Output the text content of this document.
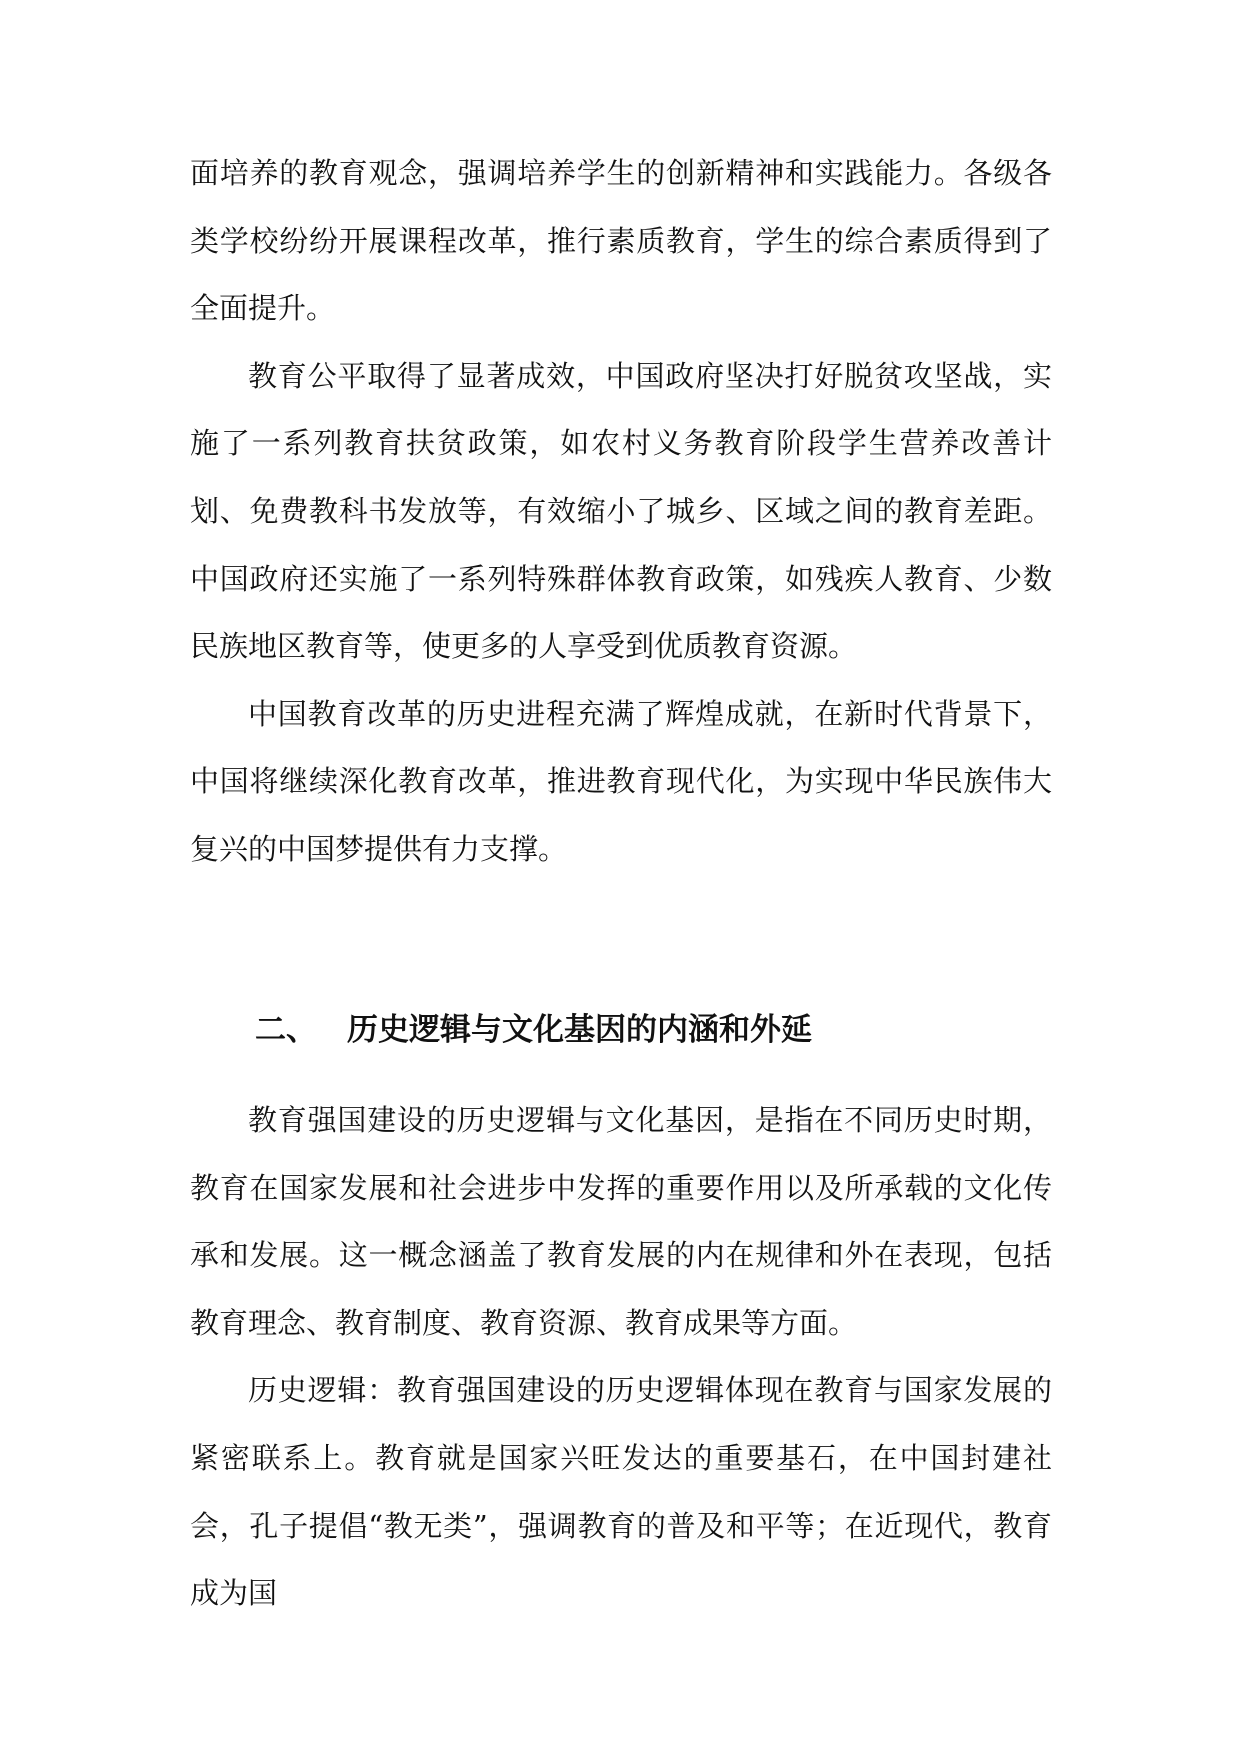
面培养的教育观念，强调培养学生的创新精神和实践能力。各级各类学校纷纷开展课程改革，推行素质教育，学生的综合素质得到了全面提升。

教育公平取得了显著成效，中国政府坚决打好脱贫攻坚战，实施了一系列教育扶贫政策，如农村义务教育阶段学生营养改善计划、免费教科书发放等，有效缩小了城乡、区域之间的教育差距。中国政府还实施了一系列特殊群体教育政策，如残疾人教育、少数民族地区教育等，使更多的人享受到优质教育资源。

中国教育改革的历史进程充满了辉煌成就，在新时代背景下，中国将继续深化教育改革，推进教育现代化，为实现中华民族伟大复兴的中国梦提供有力支撑。

二、 历史逻辑与文化基因的内涵和外延

教育强国建设的历史逻辑与文化基因，是指在不同历史时期，教育在国家发展和社会进步中发挥的重要作用以及所承载的文化传承和发展。这一概念涵盖了教育发展的内在规律和外在表现，包括教育理念、教育制度、教育资源、教育成果等方面。

历史逻辑：教育强国建设的历史逻辑体现在教育与国家发展的紧密联系上。教育就是国家兴旺发达的重要基石，在中国封建社会，孔子提倡“教无类”，强调教育的普及和平等；在近现代，教育成为国
